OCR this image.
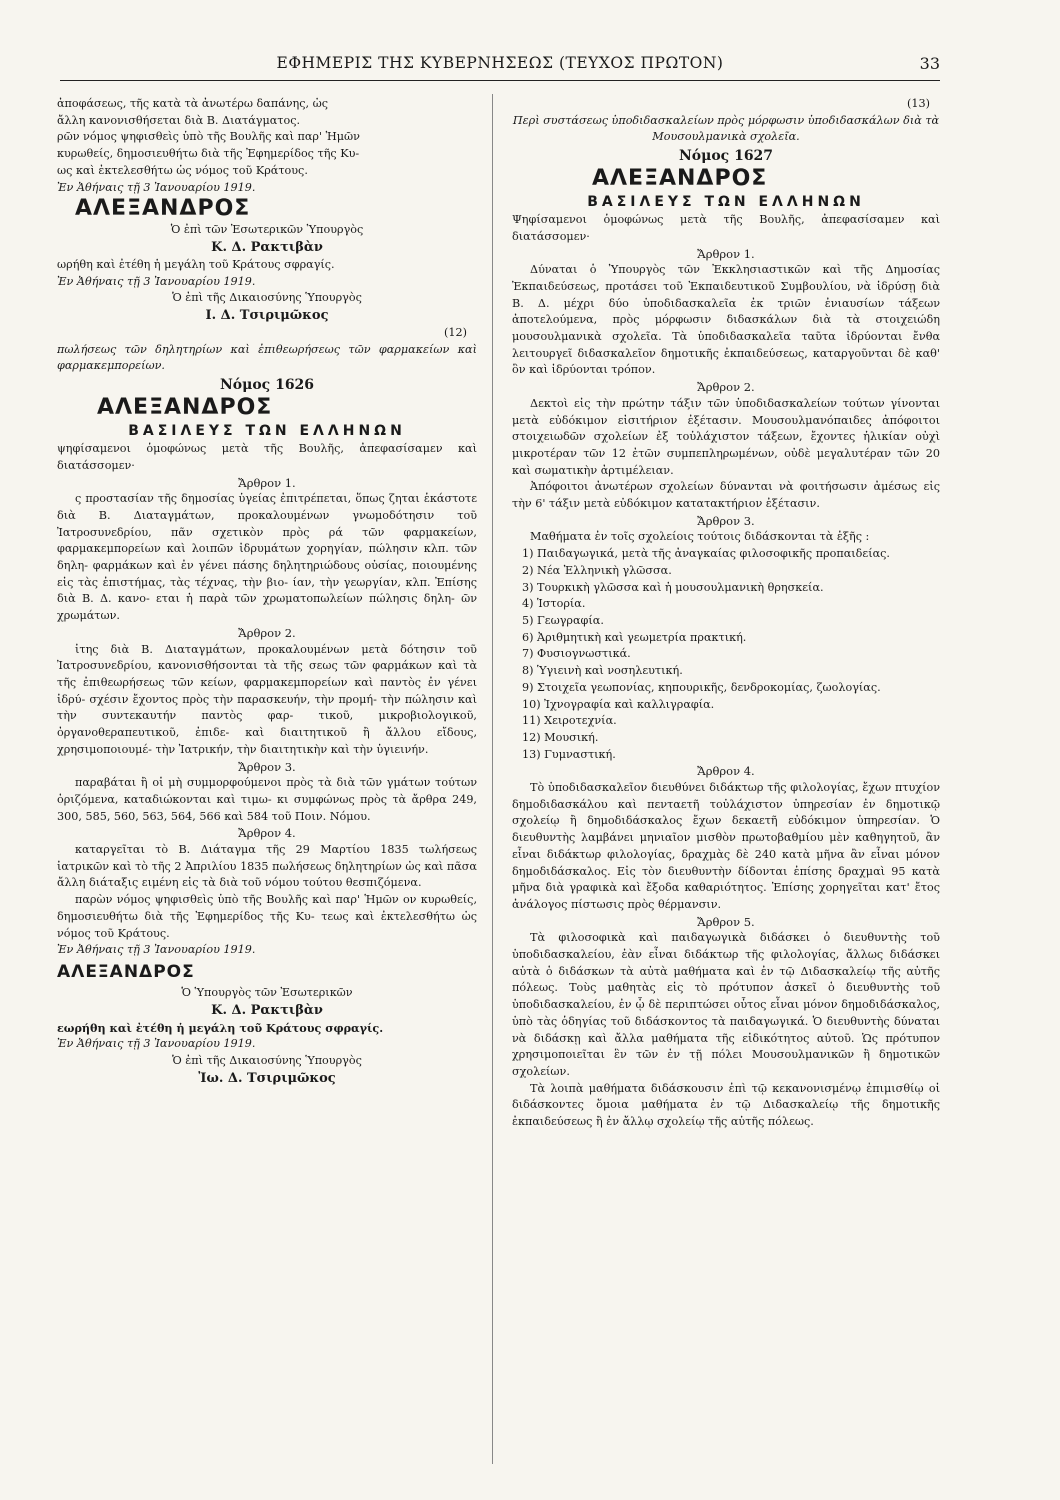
ΕΦΗΜΕΡΙΣ ΤΗΣ ΚΥΒΕΡΝΗΣΕΩΣ (ΤΕΥΧΟΣ ΠΡΩΤΟΝ)	33

ἀποφάσεως, τῆς κατὰ τὰ ἀνωτέρω δαπάνης, ὡς

ἄλλη κανονισθήσεται διὰ Β. Διατάγματος.

ρῶν νόμος ψηφισθεὶς ὑπὸ τῆς Βουλῆς καὶ παρ' Ἡμῶν

κυρωθείς, δημοσιευθήτω διὰ τῆς Ἐφημερίδος τῆς Κυ-

ως καὶ ἐκτελεσθήτω ὡς νόμος τοῦ Κράτους.

Ἐν Ἀθήναις τῇ 3 Ἰανουαρίου 1919.

ΑΛΕΞΑΝΔΡΟΣ

Ὁ ἐπὶ τῶν Ἐσωτερικῶν Ὑπουργὸς

Κ. Δ. Ρακτιβὰν

ωρήθη καὶ ἐτέθη ἡ μεγάλη τοῦ Κράτους σφραγίς.

Ἐν Ἀθήναις τῇ 3 Ἰανουαρίου 1919.

Ὁ ἐπὶ τῆς Δικαιοσύνης Ὑπουργὸς

Ι. Δ. Τσιριμῶκος

(12)

πωλήσεως τῶν δηλητηρίων καὶ ἐπιθεωρήσεως τῶν φαρμακείων καὶ φαρμακεμπορείων.

Νόμος 1626

ΑΛΕΞΑΝΔΡΟΣ
ΒΑΣΙΛΕΥΣ ΤΩΝ ΕΛΛΗΝΩΝ

ψηφίσαμενοι ὁμοφώνως μετὰ τῆς Βουλῆς, ἀπεφασίσαμεν καὶ διατάσσομεν·

Ἄρθρον 1.

ς προστασίαν τῆς δημοσίας ὑγείας ἐπιτρέπεται, ὅπως ζηται ἑκάστοτε διὰ Β. Διαταγμάτων, προκαλουμένων γνωμοδότησιν τοῦ Ἰατροσυνεδρίου, πᾶν σχετικὸν πρὸς ρά τῶν φαρμακείων, φαρμακεμπορείων καὶ λοιπῶν ἰδρυμάτων χορηγίαν, πώλησιν κλπ. τῶν δηλη- φαρμάκων καὶ ἐν γένει πάσης δηλητηριώδους οὐσίας, ποιουμένης εἰς τὰς ἐπιστήμας, τὰς τέχνας, τὴν βιο- ίαν, τὴν γεωργίαν, κλπ. Ἐπίσης διὰ Β. Δ. κανο- εται ἡ παρὰ τῶν χρωματοπωλείων πώλησις δηλη- ῶν χρωμάτων.

Ἄρθρον 2.

ἰτης διὰ Β. Διαταγμάτων, προκαλουμένων μετὰ δότησιν τοῦ Ἰατροσυνεδρίου, κανονισθήσονται τὰ τῆς σεως τῶν φαρμάκων καὶ τὰ τῆς ἐπιθεωρήσεως τῶν κείων, φαρμακεμπορείων καὶ παντὸς ἐν γένει ἰδρύ- σχέσιν ἔχοντος πρὸς τὴν παρασκευήν, τὴν προμή- τὴν πώλησιν καὶ τὴν συντεκαυτήν παντὸς φαρ- τικοῦ, μικροβιολογικοῦ, ὀργανοθεραπευτικοῦ, ἐπιδε- καὶ διαιτητικοῦ ἢ ἄλλου εἴδους, χρησιμοποιουμέ- τὴν Ἰατρικήν, τὴν διαιτητικὴν καὶ τὴν ὑγιεινήν.

Ἄρθρον 3.

παραβάται ἢ οἱ μὴ συμμορφούμενοι πρὸς τὰ διὰ τῶν γμάτων τούτων ὁριζόμενα, καταδιώκονται καὶ τιμω- κι συμφώνως πρὸς τὰ ἄρθρα 249, 300, 585, 560, 563, 564, 566 καὶ 584 τοῦ Ποιν. Νόμου.

Ἄρθρον 4.

καταργεῖται τὸ Β. Διάταγμα τῆς 29 Μαρτίου 1835 τωλήσεως ἰατρικῶν καὶ τὸ τῆς 2 Ἀπριλίου 1835 πωλήσεως δηλητηρίων ὡς καὶ πᾶσα ἄλλη διάταξις ειμένη εἰς τὰ διὰ τοῦ νόμου τούτου θεσπιζόμενα.

παρὼν νόμος ψηφισθεὶς ὑπὸ τῆς Βουλῆς καὶ παρ' Ἡμῶν ον κυρωθείς, δημοσιευθήτω διὰ τῆς Ἐφημερίδος τῆς Κυ- τεως καὶ ἐκτελεσθήτω ὡς νόμος τοῦ Κράτους.

Ἐν Ἀθήναις τῇ 3 Ἰανουαρίου 1919.

ΑΛΕΞΑΝΔΡΟΣ

Ὁ Ὑπουργὸς τῶν Ἐσωτερικῶν

Κ. Δ. Ρακτιβὰν

εωρήθη καὶ ἐτέθη ἡ μεγάλη τοῦ Κράτους σφραγίς.

Ἐν Ἀθήναις τῇ 3 Ἰανουαρίου 1919.

Ὁ ἐπὶ τῆς Δικαιοσύνης Ὑπουργὸς

Ἰω. Δ. Τσιριμῶκος

(13)

Περὶ συστάσεως ὑποδιδασκαλείων πρὸς μόρφωσιν ὑποδιδασκάλων διὰ τὰ Μουσουλμανικὰ σχολεῖα.

Νόμος 1627

ΑΛΕΞΑΝΔΡΟΣ
ΒΑΣΙΛΕΥΣ ΤΩΝ ΕΛΛΗΝΩΝ

Ψηφίσαμενοι ὁμοφώνως μετὰ τῆς Βουλῆς, ἀπεφασίσαμεν καὶ διατάσσομεν·

Ἄρθρον 1.

Δύναται ὁ Ὑπουργὸς τῶν Ἐκκλησιαστικῶν καὶ τῆς Δημοσίας Ἐκπαιδεύσεως, προτάσει τοῦ Ἐκπαιδευτικοῦ Συμβουλίου, νὰ ἱδρύσῃ διὰ Β. Δ. μέχρι δύο ὑποδιδασκαλεῖα ἐκ τριῶν ἐνιαυσίων τάξεων ἀποτελούμενα, πρὸς μόρφωσιν διδασκάλων διὰ τὰ στοιχειώδη μουσουλμανικὰ σχολεῖα. Τὰ ὑποδιδασκαλεῖα ταῦτα ἱδρύονται ἔνθα λειτουργεῖ διδασκαλεῖον δημοτικῆς ἐκπαιδεύσεως, καταργοῦνται δὲ καθ' ὃν καὶ ἱδρύονται τρόπον.

Ἄρθρον 2.

Δεκτοὶ εἰς τὴν πρώτην τάξιν τῶν ὑποδιδασκαλείων τούτων γίνονται μετὰ εὐδόκιμον εἰσιτήριον ἐξέτασιν. Μουσουλμανόπαιδες ἀπόφοιτοι στοιχειωδῶν σχολείων ἐξ τοὐλάχιστον τάξεων, ἔχοντες ἡλικίαν οὐχὶ μικροτέραν τῶν 12 ἐτῶν συμπεπληρωμένων, οὐδὲ μεγαλυτέραν τῶν 20 καὶ σωματικὴν ἀρτιμέλειαν.

Ἀπόφοιτοι ἀνωτέρων σχολείων δύνανται νὰ φοιτήσωσιν ἀμέσως εἰς τὴν 6' τάξιν μετὰ εὐδόκιμον κατατακτήριον ἐξέτασιν.

Ἄρθρον 3.

Μαθήματα ἐν τοῖς σχολείοις τούτοις διδάσκονται τὰ ἑξῆς :

1) Παιδαγωγικά, μετὰ τῆς ἀναγκαίας φιλοσοφικῆς προπαιδείας.

2) Νέα Ἑλληνικὴ γλῶσσα.

3) Τουρκικὴ γλῶσσα καὶ ἡ μουσουλμανικὴ θρησκεία.

4) Ἱστορία.

5) Γεωγραφία.

6) Ἀριθμητικὴ καὶ γεωμετρία πρακτική.

7) Φυσιογνωστικά.

8) Ὑγιεινὴ καὶ νοσηλευτική.

9) Στοιχεῖα γεωπονίας, κηπουρικῆς, δενδροκομίας, ζωολογίας.

10) Ἰχνογραφία καὶ καλλιγραφία.

11) Χειροτεχνία.

12) Μουσική.

13) Γυμναστική.

Ἄρθρον 4.

Τὸ ὑποδιδασκαλεῖον διευθύνει διδάκτωρ τῆς φιλολογίας, ἔχων πτυχίον δημοδιδασκάλου καὶ πενταετῆ τοὐλάχιστον ὑπηρεσίαν ἐν δημοτικῷ σχολείῳ ἢ δημοδιδάσκαλος ἔχων δεκαετῆ εὐδόκιμον ὑπηρεσίαν. Ὁ διευθυντὴς λαμβάνει μηνιαῖον μισθὸν πρωτοβαθμίου μὲν καθηγητοῦ, ἂν εἶναι διδάκτωρ φιλολογίας, δραχμὰς δὲ 240 κατὰ μῆνα ἂν εἶναι μόνον δημοδιδάσκαλος. Εἰς τὸν διευθυντὴν δίδονται ἐπίσης δραχμαὶ 95 κατὰ μῆνα διὰ γραφικὰ καὶ ἔξοδα καθαριότητος. Ἐπίσης χορηγεῖται κατ' ἔτος ἀνάλογος πίστωσις πρὸς θέρμανσιν.

Ἄρθρον 5.

Τὰ φιλοσοφικὰ καὶ παιδαγωγικὰ διδάσκει ὁ διευθυντὴς τοῦ ὑποδιδασκαλείου, ἐὰν εἶναι διδάκτωρ τῆς φιλολογίας, ἄλλως διδάσκει αὐτὰ ὁ διδάσκων τὰ αὐτὰ μαθήματα καὶ ἐν τῷ Διδασκαλείῳ τῆς αὐτῆς πόλεως. Τοὺς μαθητὰς εἰς τὸ πρότυπον ἀσκεῖ ὁ διευθυντὴς τοῦ ὑποδιδασκαλείου, ἐν ᾧ δὲ περιπτώσει οὗτος εἶναι μόνον δημοδιδάσκαλος, ὑπὸ τὰς ὁδηγίας τοῦ διδάσκοντος τὰ παιδαγωγικά. Ὁ διευθυντὴς δύναται νὰ διδάσκῃ καὶ ἄλλα μαθήματα τῆς εἰδικότητος αὐτοῦ. Ὡς πρότυπον χρησιμοποιεῖται ἓν τῶν ἐν τῇ πόλει Μουσουλμανικῶν ἢ δημοτικῶν σχολείων.

Τὰ λοιπὰ μαθήματα διδάσκουσιν ἐπὶ τῷ κεκανονισμένῳ ἐπιμισθίῳ οἱ διδάσκοντες ὅμοια μαθήματα ἐν τῷ Διδασκαλείῳ τῆς δημοτικῆς ἐκπαιδεύσεως ἢ ἐν ἄλλῳ σχολείῳ τῆς αὐτῆς πόλεως.
